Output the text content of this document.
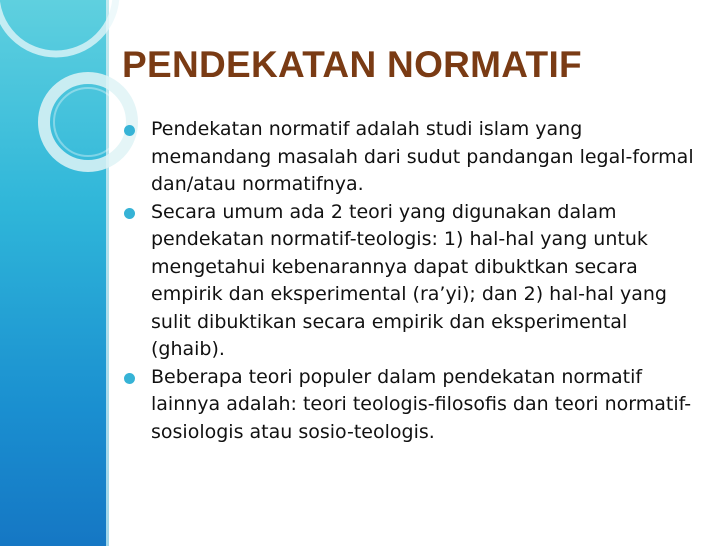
PENDEKATAN NORMATIF
Pendekatan normatif adalah studi islam yang memandang masalah dari sudut pandangan legal-formal dan/atau normatifnya.
Secara umum ada 2 teori yang digunakan dalam pendekatan normatif-teologis: 1) hal-hal yang untuk mengetahui kebenarannya dapat dibuktkan secara empirik dan eksperimental (ra’yi); dan 2) hal-hal yang sulit dibuktikan secara empirik dan eksperimental (ghaib).
Beberapa teori populer dalam pendekatan normatif lainnya adalah: teori teologis-filosofis dan teori normatif-sosiologis atau sosio-teologis.
